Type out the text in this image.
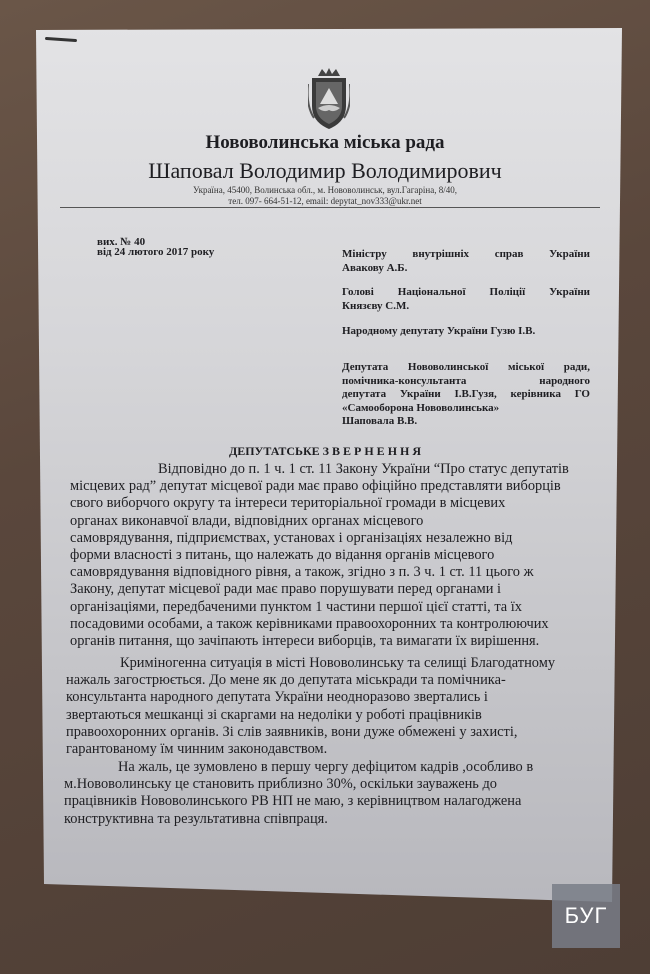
Нововолинська міська рада
Шаповал Володимир Володимирович
Україна, 45400, Волинська обл., м. Нововолинськ, вул.Гагаріна, 8/40,
тел. 097- 664-51-12, email: depytat_nov333@ukr.net
вих. № 40
від 24 лютого 2017 року	Міністру внутрішніх справ України
Авакову А.Б.
Голові Національної Поліції України
Князєву С.М.
Народному депутату України Гузю І.В.
Депутата Нововолинської міської ради,
помічника-консультанта народного
депутата України І.В.Гузя, керівника ГО
«Самооборона Нововолинська»
Шаповала В.В.
ДЕПУТАТСЬКЕ З В Е Р Н Е Н Н Я
Відповідно до п. 1 ч. 1 ст. 11 Закону України “Про статус депутатів
місцевих рад” депутат місцевої ради має право офіційно представляти виборців
свого виборчого округу та інтереси територіальної громади в місцевих
органах виконавчої влади, відповідних органах місцевого
самоврядування, підприємствах, установах і організаціях незалежно від
форми власності з питань, що належать до відання органів місцевого
самоврядування відповідного рівня, а також, згідно з п. 3 ч. 1 ст. 11 цього ж
Закону, депутат місцевої ради має право порушувати перед органами і
організаціями, передбаченими пунктом 1 частини першої цієї статті, та їх
посадовими особами, а також керівниками правоохоронних та контролюючих
органів питання, що зачіпають інтереси виборців, та вимагати їх вирішення.
Криміногенна ситуація в місті Нововолинську та селищі Благодатному
нажаль загострюється. До мене як до депутата міськради та помічника-
консультанта народного депутата України неодноразово звертались і
звертаються мешканці зі скаргами на недоліки у роботі працівників
правоохоронних органів. Зі слів заявників, вони дуже обмежені у захисті,
гарантованому їм чинним законодавством.
На жаль, це зумовлено в першу чергу дефіцитом кадрів ,особливо в
м.Нововолинську це становить приблизно 30%, оскільки зауважень до
працівників Нововолинського РВ НП не маю, з керівництвом налагоджена
конструктивна та результативна співпраця.
БУГ
